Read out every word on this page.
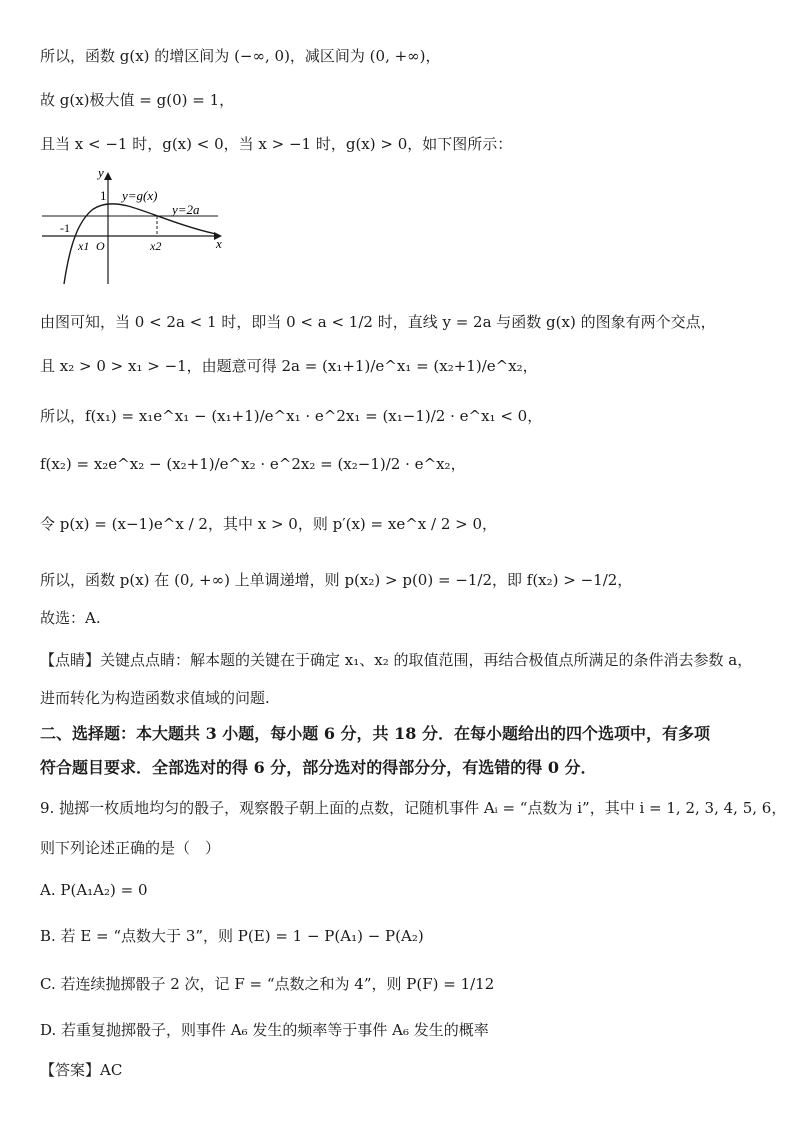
所以，函数 g(x) 的增区间为 (−∞, 0)，减区间为 (0, +∞)，
故 g(x)极大值 = g(0) = 1，
且当 x < −1 时，g(x) < 0，当 x > −1 时，g(x) > 0，如下图所示：
y
x
1 y=g(x)
y=2a
-1
x1 O	x2
由图可知，当 0 < 2a < 1 时，即当 0 < a < 1/2 时，直线 y = 2a 与函数 g(x) 的图象有两个交点，
且 x₂ > 0 > x₁ > −1，由题意可得 2a = (x₁+1)/e^x₁ = (x₂+1)/e^x₂，
所以，f(x₁) = x₁e^x₁ − (x₁+1)/e^x₁ · e^2x₁ = (x₁−1)/2 · e^x₁ < 0，
f(x₂) = x₂e^x₂ − (x₂+1)/e^x₂ · e^2x₂ = (x₂−1)/2 · e^x₂，
令 p(x) = (x−1)e^x / 2，其中 x > 0，则 p′(x) = xe^x / 2 > 0，
所以，函数 p(x) 在 (0, +∞) 上单调递增，则 p(x₂) > p(0) = −1/2，即 f(x₂) > −1/2，
故选：A.
【点睛】关键点点睛：解本题的关键在于确定 x₁、x₂ 的取值范围，再结合极值点所满足的条件消去参数 a，
进而转化为构造函数求值域的问题.
二、选择题：本大题共 3 小题，每小题 6 分，共 18 分．在每小题给出的四个选项中，有多项
符合题目要求．全部选对的得 6 分，部分选对的得部分分，有选错的得 0 分．
9. 抛掷一枚质地均匀的骰子，观察骰子朝上面的点数，记随机事件 Aᵢ = “点数为 i”，其中 i = 1, 2, 3, 4, 5, 6，
则下列论述正确的是（　）
A. P(A₁A₂) = 0
B. 若 E = “点数大于 3”，则 P(E) = 1 − P(A₁) − P(A₂)
C. 若连续抛掷骰子 2 次，记 F = “点数之和为 4”，则 P(F) = 1/12
D. 若重复抛掷骰子，则事件 A₆ 发生的频率等于事件 A₆ 发生的概率
【答案】AC
